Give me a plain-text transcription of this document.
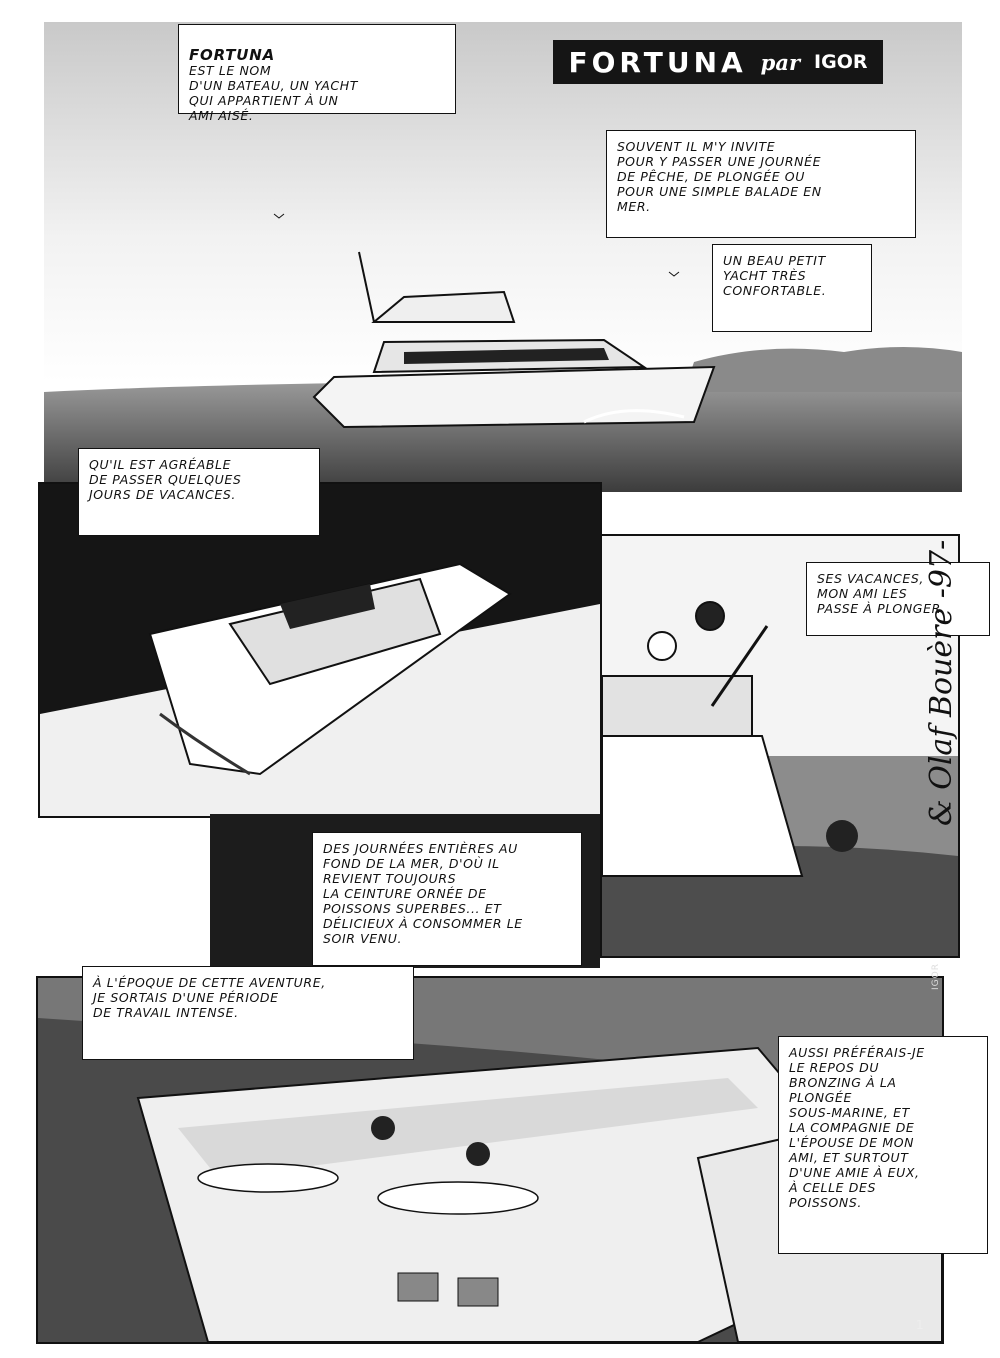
FORTUNA par IGOR

FORTUNA
EST LE NOM
D'UN BATEAU, UN YACHT
QUI APPARTIENT À UN
AMI AISÉ.
SOUVENT IL M'Y INVITE
POUR Y PASSER UNE JOURNÉE
DE PÊCHE, DE PLONGÉE OU
POUR UNE SIMPLE BALADE EN
MER.
UN BEAU PETIT
YACHT TRÈS
CONFORTABLE.
QU'IL EST AGRÉABLE
DE PASSER QUELQUES
JOURS DE VACANCES.
SES VACANCES,
MON AMI LES
PASSE À PLONGER.
DES JOURNÉES ENTIÈRES AU
FOND DE LA MER, D'OÙ IL
REVIENT TOUJOURS
LA CEINTURE ORNÉE DE
POISSONS SUPERBES... ET
DÉLICIEUX À CONSOMMER LE
SOIR VENU.
& Olaf Bouère -97-
À L'ÉPOQUE DE CETTE AVENTURE,
JE SORTAIS D'UNE PÉRIODE
DE TRAVAIL INTENSE.
AUSSI PRÉFÉRAIS-JE
LE REPOS DU
BRONZING À LA
PLONGÉE
SOUS-MARINE, ET
LA COMPAGNIE DE
L'ÉPOUSE DE MON
AMI, ET SURTOUT
D'UNE AMIE À EUX,
À CELLE DES
POISSONS.
IGOR
1
